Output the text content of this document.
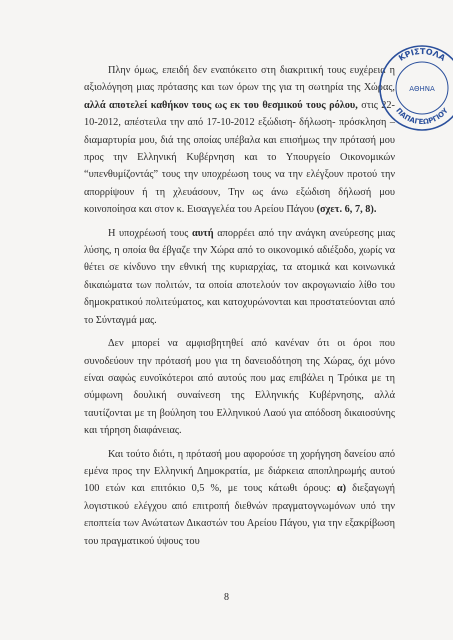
Πλην όμως, επειδή δεν εναπόκειτο στη διακριτική τους ευχέρεια η αξιολόγηση μιας πρότασης και των όρων της για τη σωτηρία της Χώρας, αλλά αποτελεί καθήκον τους ως εκ του θεσμικού τους ρόλου, στις 22-10-2012, απέστειλα την από 17-10-2012 εξώδιση- δήλωση- πρόσκληση –διαμαρτυρία μου, διά της οποίας υπέβαλα και επισήμως την πρότασή μου προς την Ελληνική Κυβέρνηση και το Υπουργείο Οικονομικών “υπενθυμίζοντάς” τους την υποχρέωση τους να την ελέγξουν προτού την απορρίψουν ή τη χλευάσουν, Την ως άνω εξώδιση δήλωσή μου κοινοποίησα και στον κ. Εισαγγελέα του Αρείου Πάγου (σχετ. 6, 7, 8).

Η υποχρέωσή τους αυτή απορρέει από την ανάγκη ανεύρεσης μιας λύσης, η οποία θα έβγαζε την Χώρα από το οικονομικό αδιέξοδο, χωρίς να θέτει σε κίνδυνο την εθνική της κυριαρχίας, τα ατομικά και κοινωνικά δικαιώματα των πολιτών, τα οποία αποτελούν τον ακρογωνιαίο λίθο του δημοκρατικού πολιτεύματος, και κατοχυρώνονται και προστατεύονται από το Σύνταγμά μας.

Δεν μπορεί να αμφισβητηθεί από κανέναν ότι οι όροι που συνοδεύουν την πρότασή μου για τη δανειοδότηση της Χώρας, όχι μόνο είναι σαφώς ευνοϊκότεροι από αυτούς που μας επιβάλει η Τρόικα με τη σύμφωνη δουλική συναίνεση της Ελληνικής Κυβέρνησης, αλλά ταυτίζονται με τη βούληση του Ελληνικού Λαού για απόδοση δικαιοσύνης και τήρηση διαφάνειας.

Και τούτο διότι, η πρότασή μου αφορούσε τη χορήγηση δανείου από εμένα προς την Ελληνική Δημοκρατία, με διάρκεια αποπληρωμής αυτού 100 ετών και επιτόκιο 0,5 %, με τους κάτωθι όρους: α) διεξαγωγή λογιστικού ελέγχου από επιτροπή διεθνών πραγματογνωμόνων υπό την εποπτεία των Ανώτατων Δικαστών του Αρείου Πάγου, για την εξακρίβωση του πραγματικού ύψους του

8
ΚΡΙΣΤΟΛΑ
ΠΑΠΑΓΕΩΡΓΙΟΥ
ΑΘΗΝΑ
